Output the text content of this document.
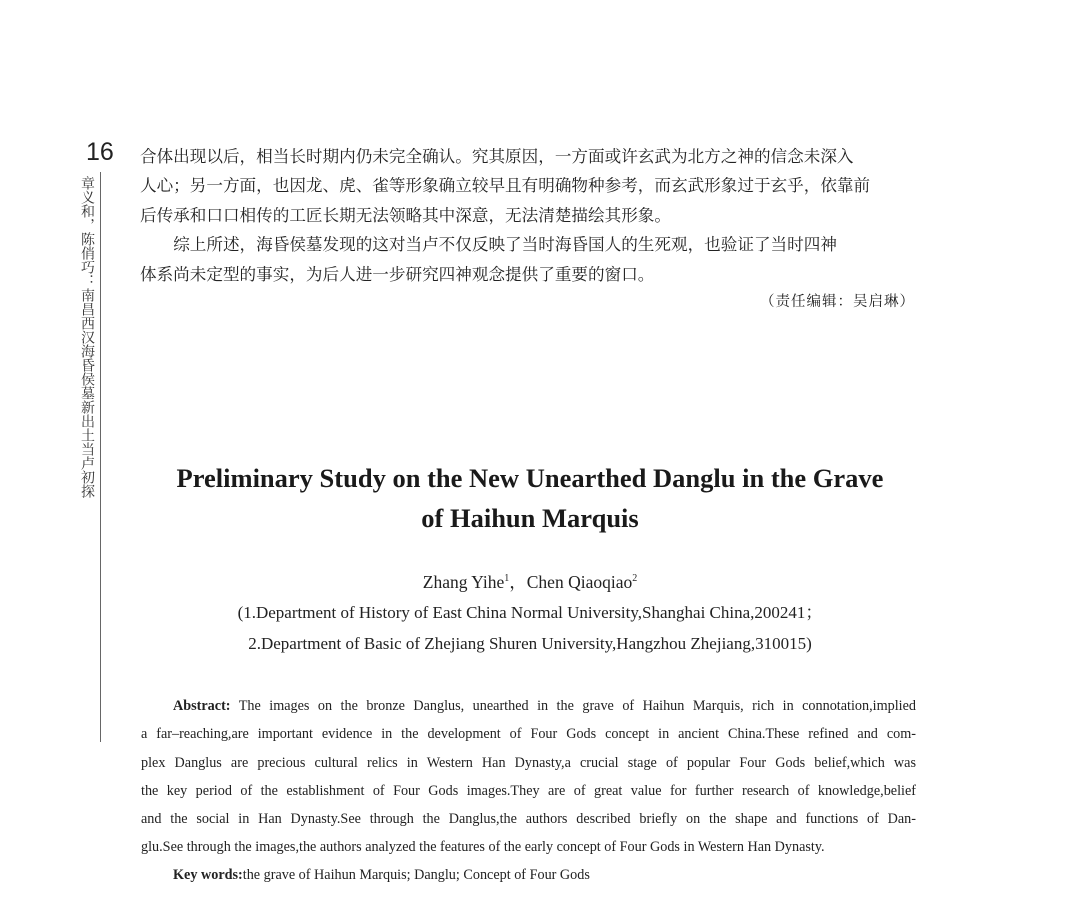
16
章义和，陈俏巧：南昌西汉海昏侯墓新出土当卢初探

合体出现以后，相当长时期内仍未完全确认。究其原因，一方面或许玄武为北方之神的信念未深入
人心；另一方面，也因龙、虎、雀等形象确立较早且有明确物种参考，而玄武形象过于玄乎，依靠前
后传承和口口相传的工匠长期无法领略其中深意，无法清楚描绘其形象。

综上所述，海昏侯墓发现的这对当卢不仅反映了当时海昏国人的生死观，也验证了当时四神
体系尚未定型的事实，为后人进一步研究四神观念提供了重要的窗口。

（责任编辑：吴启琳）
Preliminary Study on the New Unearthed Danglu in the Grave
of Haihun Marquis
Zhang Yihe$^1$，Chen Qiaoqiao$^2$
(1.Department of History of East China Normal University,Shanghai China,200241；
2.Department of Basic of Zhejiang Shuren University,Hangzhou Zhejiang,310015)
Abstract: The images on the bronze Danglus, unearthed in the grave of Haihun Marquis, rich in connotation,implied
a far–reaching,are important evidence in the development of Four Gods concept in ancient China.These refined and com-
plex Danglus are precious cultural relics in Western Han Dynasty,a crucial stage of popular Four Gods belief,which was
the key period of the establishment of Four Gods images.They are of great value for further research of knowledge,belief
and the social in Han Dynasty.See through the Danglus,the authors described briefly on the shape and functions of Dan-
glu.See through the images,the authors analyzed the features of the early concept of Four Gods in Western Han Dynasty.
Key words:the grave of Haihun Marquis; Danglu; Concept of Four Gods
